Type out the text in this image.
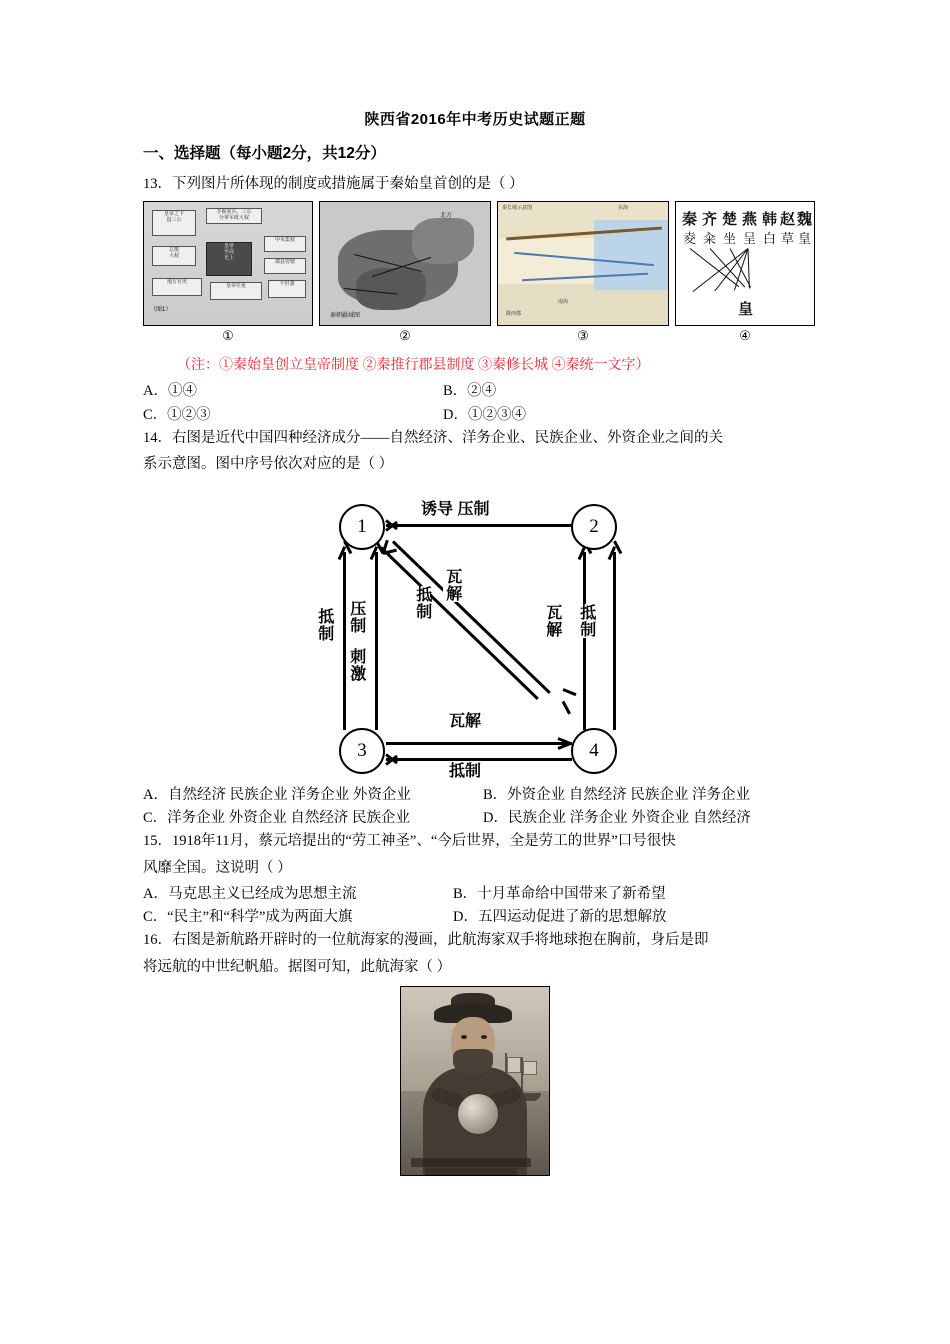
陕西省2016年中考历史试题正题
一、选择题（每小题2分，共12分）
13．下列图片所体现的制度或措施属于秦始皇首创的是（ ）
皇帝之下
设三公
手握重兵、三公
分掌军政大权
皇帝
至高
无上
总揽
大权
中央集权
郡县管辖
地方官吏
皇帝任免	不世袭
（图1）
①
北方
秦朝疆域图
②
秦长城示意图	东海
南海
陇西郡
③
秦 齐 楚 燕 韩 赵 魏
夌 籴 坐 呈 白 草 皇
皇
④
（注：①秦始皇创立皇帝制度 ②秦推行郡县制度 ③秦修长城 ④秦统一文字）
A．①④	B．②④
C．①②③	D．①②③④
14．右图是近代中国四种经济成分——自然经济、洋务企业、民族企业、外资企业之间的关
系示意图。图中序号依次对应的是（ ）
1	2
3	4
诱导 压制
抵制 压制
刺激
抵制
瓦解
瓦解 抵制
瓦解
抵制
A．自然经济 民族企业 洋务企业 外资企业	B．外资企业 自然经济 民族企业 洋务企业
C．洋务企业 外资企业 自然经济 民族企业	D．民族企业 洋务企业 外资企业 自然经济
15．1918年11月，蔡元培提出的“劳工神圣”、“今后世界，全是劳工的世界”口号很快
风靡全国。这说明（ ）
A．马克思主义已经成为思想主流	B．十月革命给中国带来了新希望
C．“民主”和“科学”成为两面大旗	D．五四运动促进了新的思想解放
16．右图是新航路开辟时的一位航海家的漫画，此航海家双手将地球抱在胸前，身后是即
将远航的中世纪帆船。据图可知，此航海家（ ）
